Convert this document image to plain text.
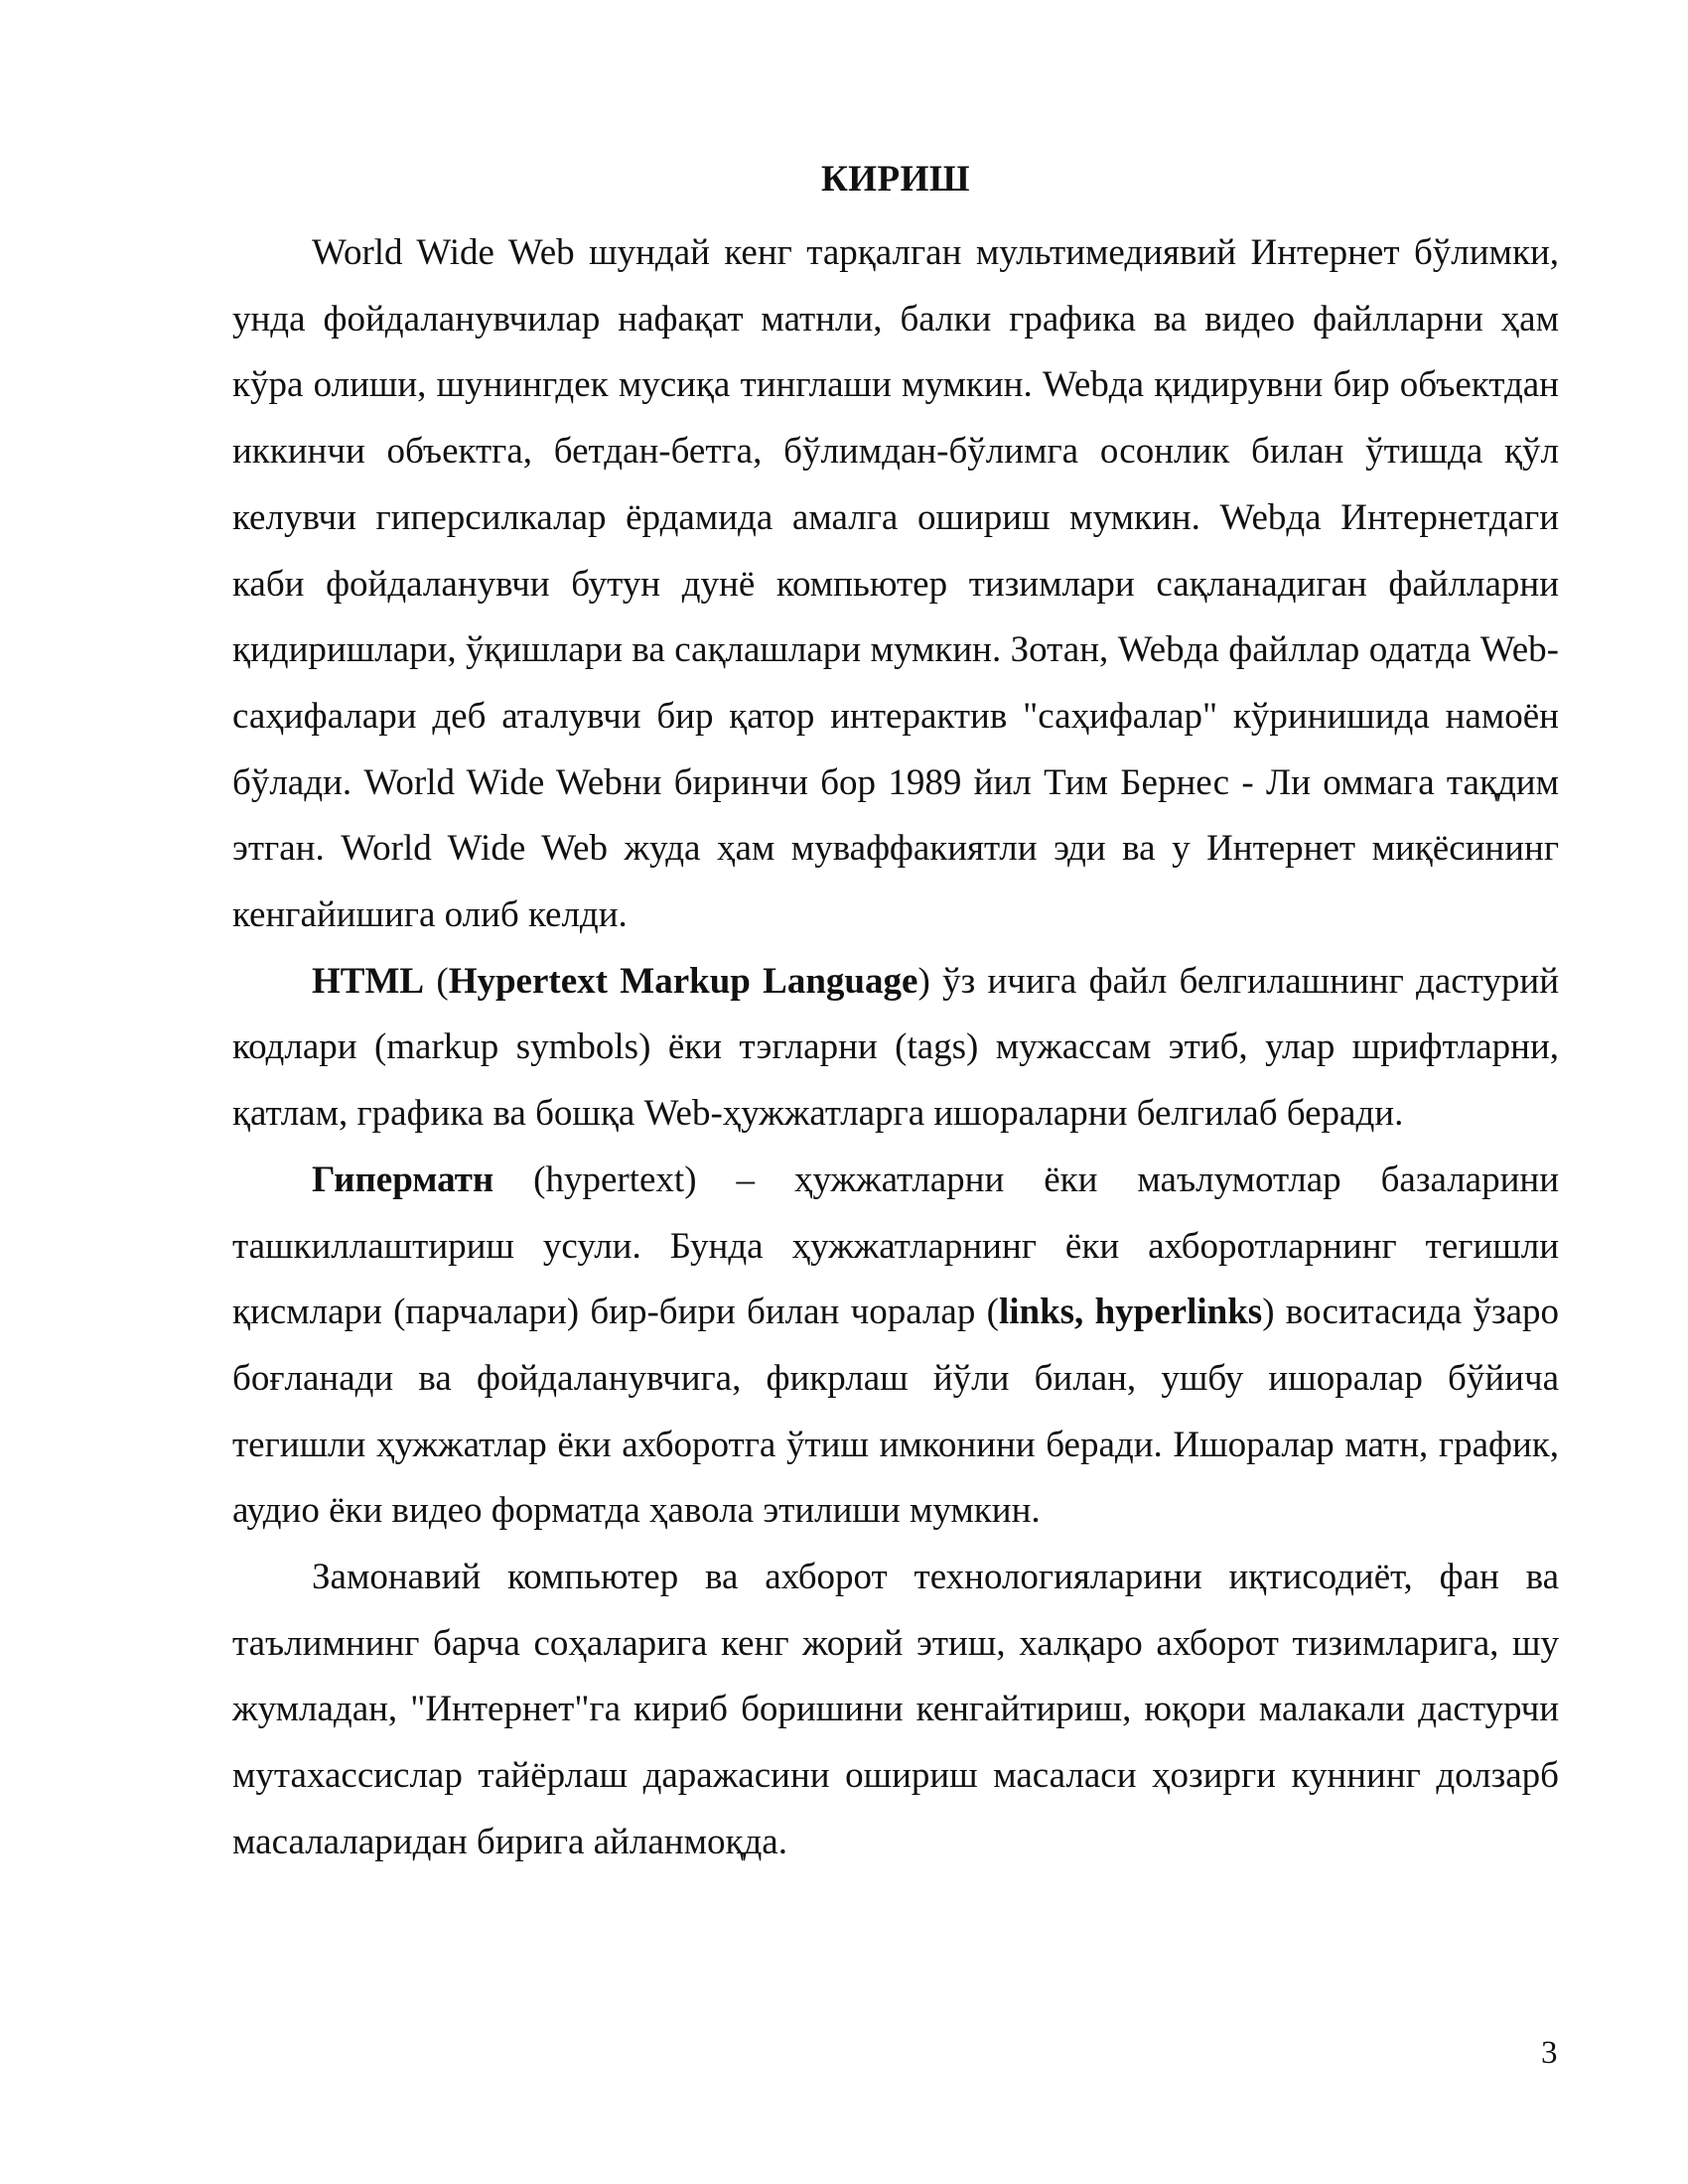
КИРИШ

World Wide Web шундай кенг тарқалган мультимедиявий Интернет бўлимки, унда фойдаланувчилар нафақат матнли, балки графика ва видео файлларни ҳам кўра олиши, шунингдек мусиқа тинглаши мумкин. Webда қидирувни бир объектдан иккинчи объектга, бетдан-бетга, бўлимдан-бўлимга осонлик билан ўтишда қўл келувчи гиперсилкалар ёрдамида амалга ошириш мумкин. Webда Интернетдаги каби фойдаланувчи бутун дунё компьютер тизимлари сақланадиган файлларни қидиришлари, ўқишлари ва сақлашлари мумкин. Зотан, Webда файллар одатда Web-саҳифалари деб аталувчи бир қатор интерактив "саҳифалар" кўринишида намоён бўлади. World Wide Webни биринчи бор 1989 йил Тим Бернес - Ли оммага тақдим этган. World Wide Web жуда ҳам муваффакиятли эди ва у Интернет миқёсининг кенгайишига олиб келди.

HTML (Hypertext Markup Language) ўз ичига файл белгилашнинг дастурий кодлари (markup symbols) ёки тэгларни (tags) мужассам этиб, улар шрифтларни, қатлам, графика ва бошқа Web-ҳужжатларга ишораларни белгилаб беради.

Гиперматн (hypertext) – ҳужжатларни ёки маълумотлар базаларини ташкиллаштириш усули. Бунда ҳужжатларнинг ёки ахборотларнинг тегишли қисмлари (парчалари) бир-бири билан чоралар (links, hyperlinks) воситасида ўзаро боғланади ва фойдаланувчига, фикрлаш йўли билан, ушбу ишоралар бўйича тегишли ҳужжатлар ёки ахборотга ўтиш имконини беради. Ишоралар матн, график, аудио ёки видео форматда ҳавола этилиши мумкин.

Замонавий компьютер ва ахборот технологияларини иқтисодиёт, фан ва таълимнинг барча соҳаларига кенг жорий этиш, халқаро ахборот тизимларига, шу жумладан, "Интернет"га кириб боришини кенгайтириш, юқори малакали дастурчи мутахассислар тайёрлаш даражасини ошириш масаласи ҳозирги куннинг долзарб масалаларидан бирига айланмоқда.

3
